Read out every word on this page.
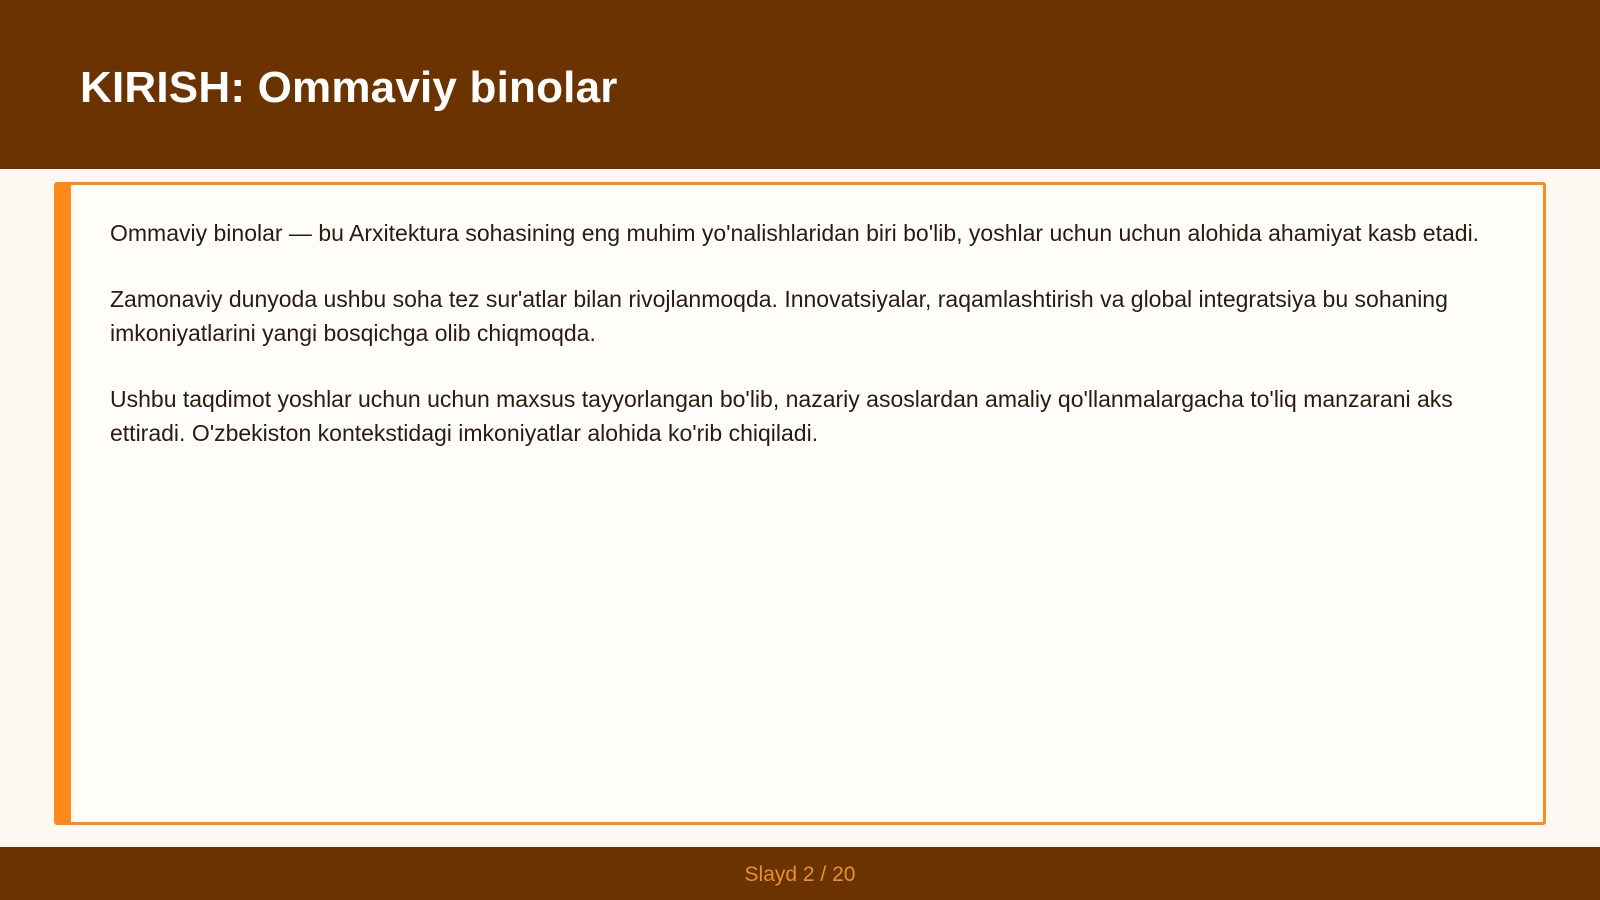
KIRISH: Ommaviy binolar

Ommaviy binolar — bu Arxitektura sohasining eng muhim yo'nalishlaridan biri bo'lib, yoshlar uchun uchun alohida ahamiyat kasb etadi.

Zamonaviy dunyoda ushbu soha tez sur'atlar bilan rivojlanmoqda. Innovatsiyalar, raqamlashtirish va global integratsiya bu sohaning imkoniyatlarini yangi bosqichga olib chiqmoqda.

Ushbu taqdimot yoshlar uchun uchun maxsus tayyorlangan bo'lib, nazariy asoslardan amaliy qo'llanmalargacha to'liq manzarani aks ettiradi. O'zbekiston kontekstidagi imkoniyatlar alohida ko'rib chiqiladi.

Slayd 2 / 20
